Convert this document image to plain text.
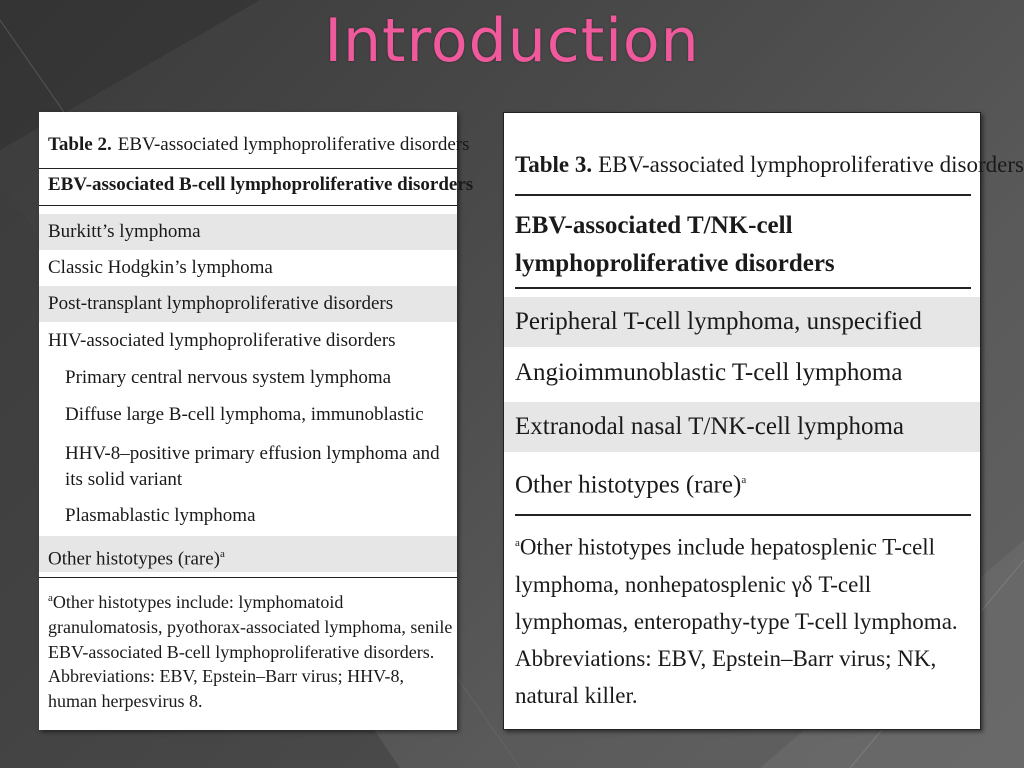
Introduction
Table 2. EBV-associated lymphoproliferative disorders
EBV-associated B-cell lymphoproliferative disorders
Burkitt’s lymphoma
Classic Hodgkin’s lymphoma
Post-transplant lymphoproliferative disorders
HIV-associated lymphoproliferative disorders
Primary central nervous system lymphoma
Diffuse large B-cell lymphoma, immunoblastic
HHV-8–positive primary effusion lymphoma and its solid variant
Plasmablastic lymphoma
Other histotypes (rare)$^a$
$^a$Other histotypes include: lymphomatoid granulomatosis, pyothorax-associated lymphoma, senile EBV-associated B-cell lymphoproliferative disorders.
Abbreviations: EBV, Epstein–Barr virus; HHV-8, human herpesvirus 8.
Table 3. EBV-associated lymphoproliferative disorders
EBV-associated T/NK-cell lymphoproliferative disorders
Peripheral T-cell lymphoma, unspecified
Angioimmunoblastic T-cell lymphoma
Extranodal nasal T/NK-cell lymphoma
Other histotypes (rare)$^a$
$^a$Other histotypes include hepatosplenic T-cell lymphoma, nonhepatosplenic γδ T-cell lymphomas, enteropathy-type T-cell lymphoma.
Abbreviations: EBV, Epstein–Barr virus; NK, natural killer.
